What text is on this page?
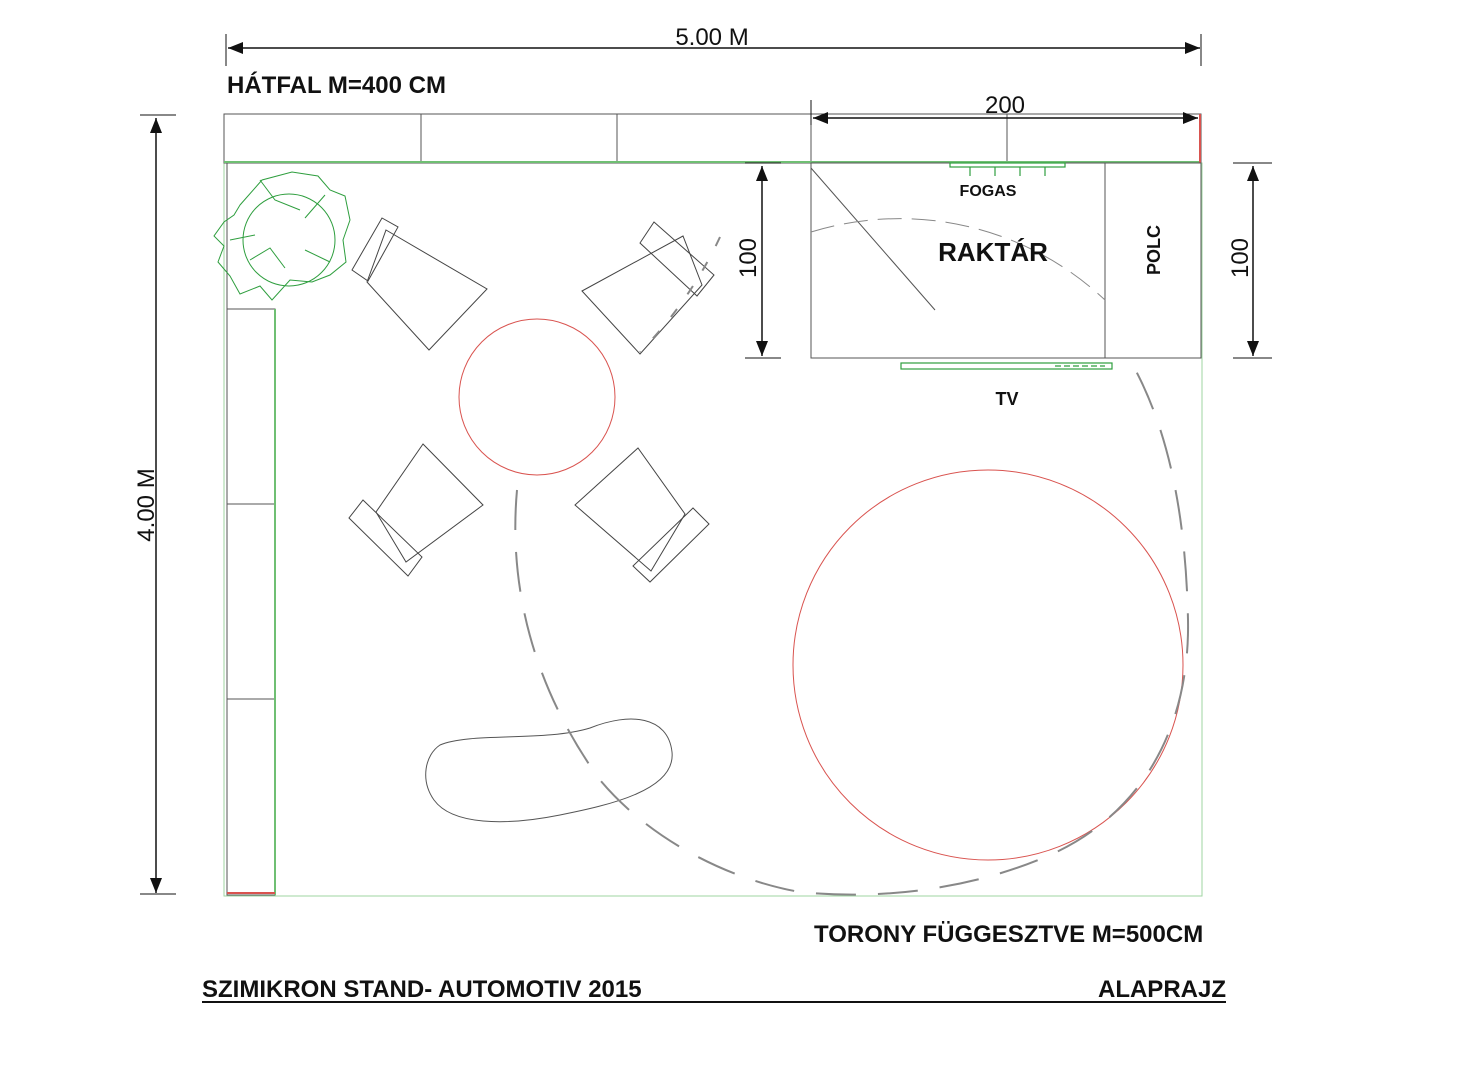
5.00 M
HÁTFAL M=400 CM
4.00 M
200
100	100
FOGAS
RAKTÁR	POLC
TV
TORONY FÜGGESZTVE M=500CM
SZIMIKRON STAND- AUTOMOTIV 2015	ALAPRAJZ
